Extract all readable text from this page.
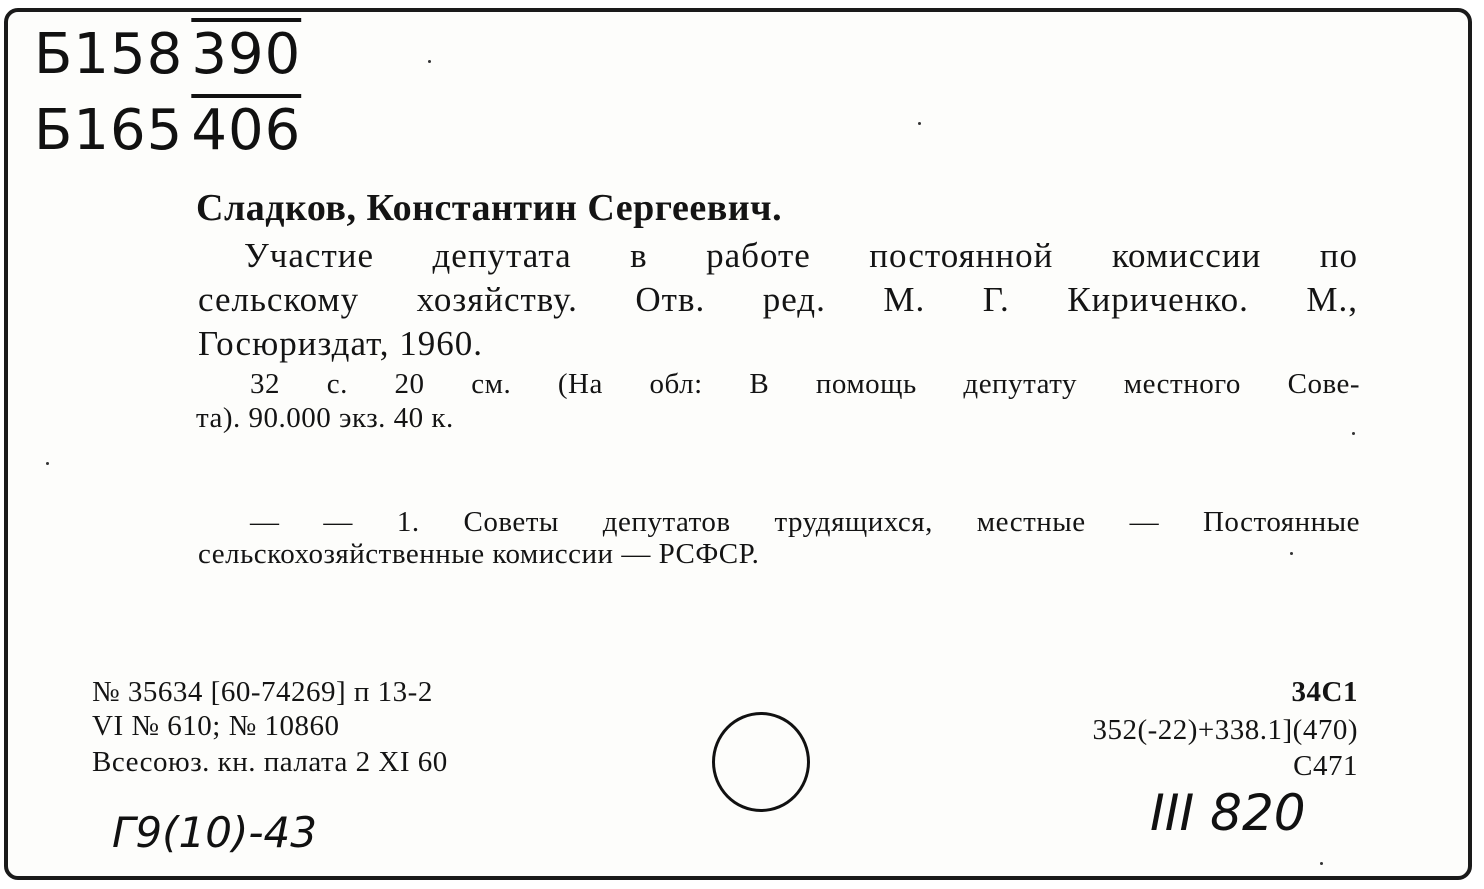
Б158 390
Б165 406
Сладков, Константин Сергеевич.
Участие депутата в работе постоянной комиссии по
сельскому хозяйству. Отв. ред. М. Г. Кириченко. М.,
Госюриздат, 1960.
32 с. 20 см. (На обл: В помощь депутату местного Сове-
та). 90.000 экз. 40 к.
— — 1. Советы депутатов трудящихся, местные — Постоянные
сельскохозяйственные комиссии — РСФСР.
№ 35634 [60-74269] п 13-2
VI № 610; № 10860
Всесоюз. кн. палата 2 XI 60
34С1
352(-22)+338.1](470)
С471
Г9(10)-43	III 820
